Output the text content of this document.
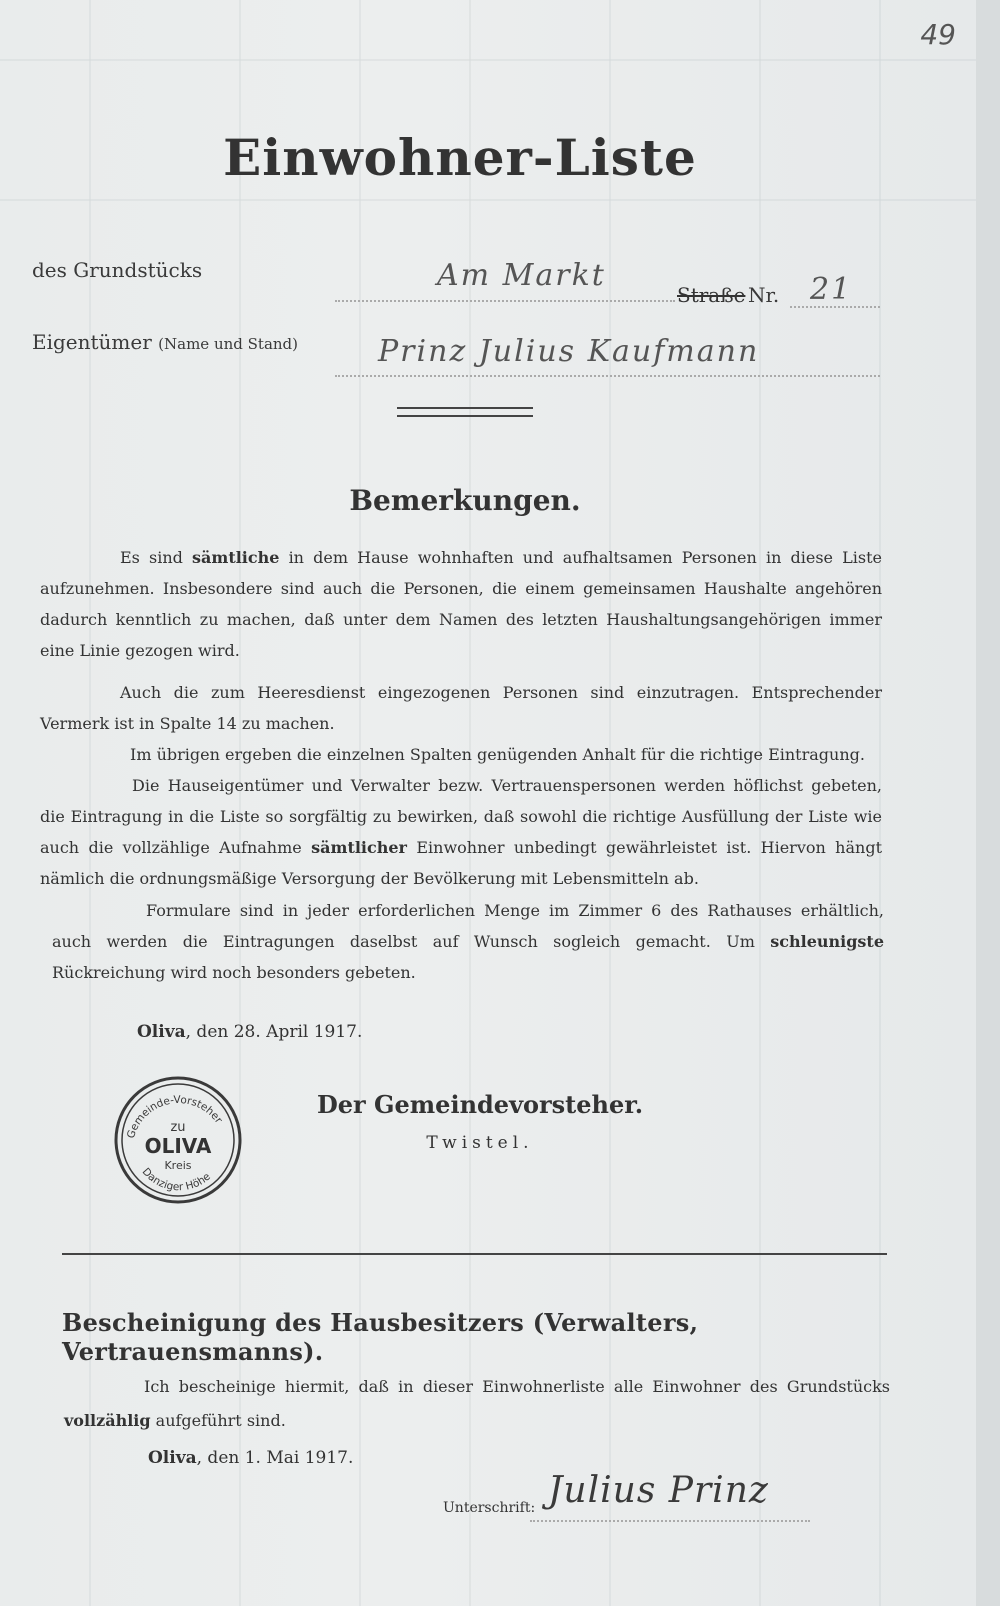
49
Einwohner-Liste
des Grundstücks	Am Markt
Straße Nr. 21
Eigentümer (Name und Stand)	Prinz Julius Kaufmann
Bemerkungen.
Es sind sämtliche in dem Hause wohnhaften und aufhaltsamen Personen in diese Liste aufzunehmen. Insbesondere sind auch die Personen, die einem gemeinsamen Haushalte angehören dadurch kenntlich zu machen, daß unter dem Namen des letzten Haushaltungsangehörigen immer eine Linie gezogen wird.
Auch die zum Heeresdienst eingezogenen Personen sind einzutragen. Entsprechender Vermerk ist in Spalte 14 zu machen.
Im übrigen ergeben die einzelnen Spalten genügenden Anhalt für die richtige Eintragung.
Die Hauseigentümer und Verwalter bezw. Vertrauenspersonen werden höflichst gebeten, die Eintragung in die Liste so sorgfältig zu bewirken, daß sowohl die richtige Ausfüllung der Liste wie auch die vollzählige Aufnahme sämtlicher Einwohner unbedingt gewährleistet ist. Hiervon hängt nämlich die ordnungsmäßige Versorgung der Bevölkerung mit Lebensmitteln ab.
Formulare sind in jeder erforderlichen Menge im Zimmer 6 des Rathauses erhältlich, auch werden die Eintragungen daselbst auf Wunsch sogleich gemacht. Um schleunigste Rückreichung wird noch besonders gebeten.
Oliva, den 28. April 1917.
Gemeinde-Vorsteher
zu
OLIVA
Kreis
Danziger Höhe
Der Gemeindevorsteher.
Twistel.
Bescheinigung des Hausbesitzers (Verwalters, Vertrauensmanns).
Ich bescheinige hiermit, daß in dieser Einwohnerliste alle Einwohner des Grundstücks vollzählig aufgeführt sind.
Oliva, den 1. Mai 1917.
Unterschrift: Julius Prinz
